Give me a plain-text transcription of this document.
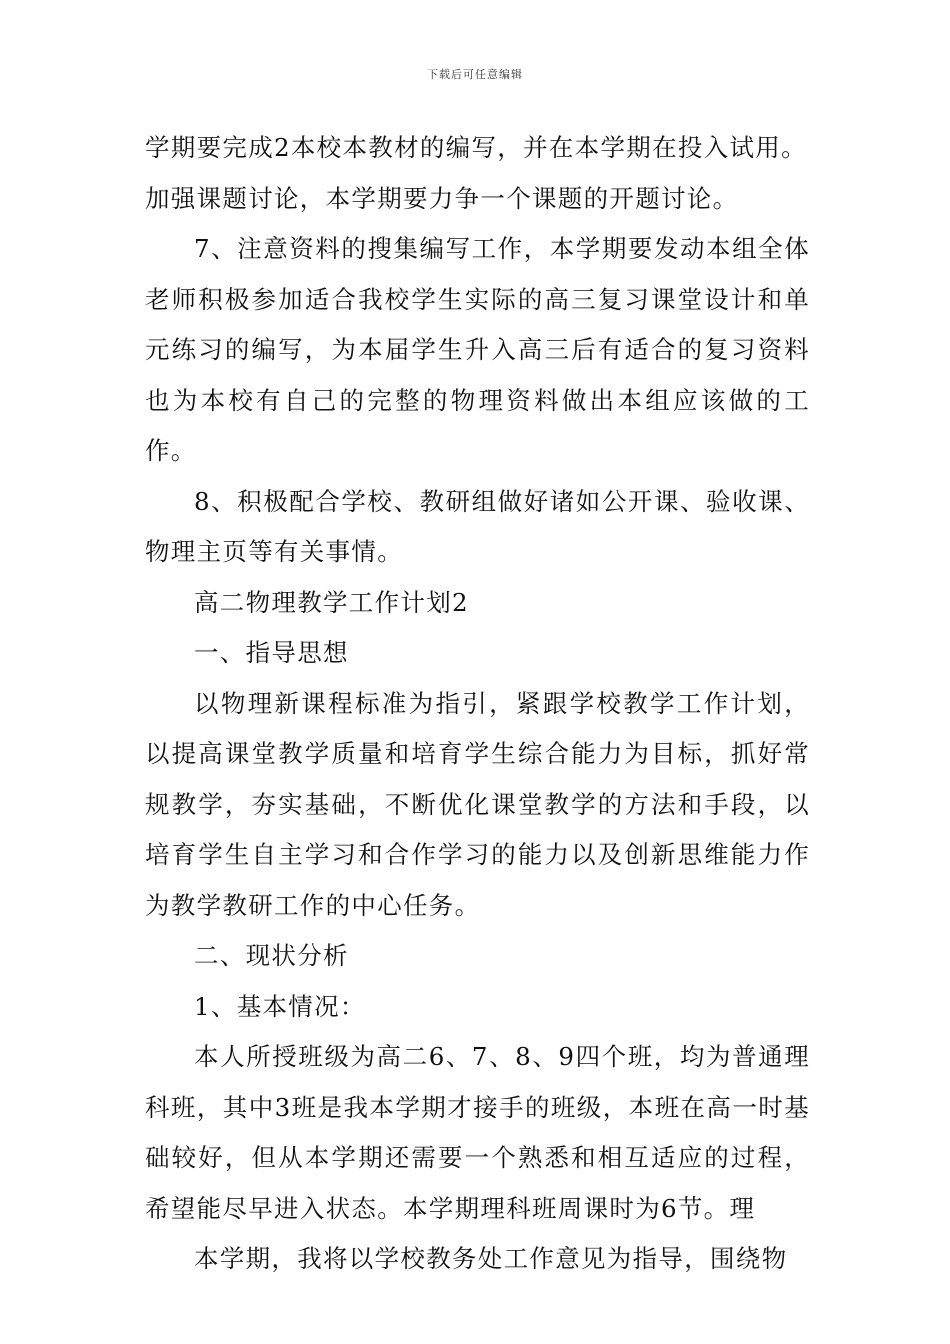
下载后可任意编辑

学期要完成2本校本教材的编写，并在本学期在投入试用。

加强课题讨论，本学期要力争一个课题的开题讨论。

7、注意资料的搜集编写工作，本学期要发动本组全体老师积极参加适合我校学生实际的高三复习课堂设计和单元练习的编写，为本届学生升入高三后有适合的复习资料也为本校有自己的完整的物理资料做出本组应该做的工作。

8、积极配合学校、教研组做好诸如公开课、验收课、物理主页等有关事情。

高二物理教学工作计划2

一、指导思想

以物理新课程标准为指引，紧跟学校教学工作计划，以提高课堂教学质量和培育学生综合能力为目标，抓好常规教学，夯实基础，不断优化课堂教学的方法和手段，以培育学生自主学习和合作学习的能力以及创新思维能力作为教学教研工作的中心任务。

二、现状分析

1、基本情况：

本人所授班级为高二6、7、8、9四个班，均为普通理科班，其中3班是我本学期才接手的班级，本班在高一时基础较好，但从本学期还需要一个熟悉和相互适应的过程，希望能尽早进入状态。本学期理科班周课时为6节。理

本学期，我将以学校教务处工作意见为指导，围绕物
